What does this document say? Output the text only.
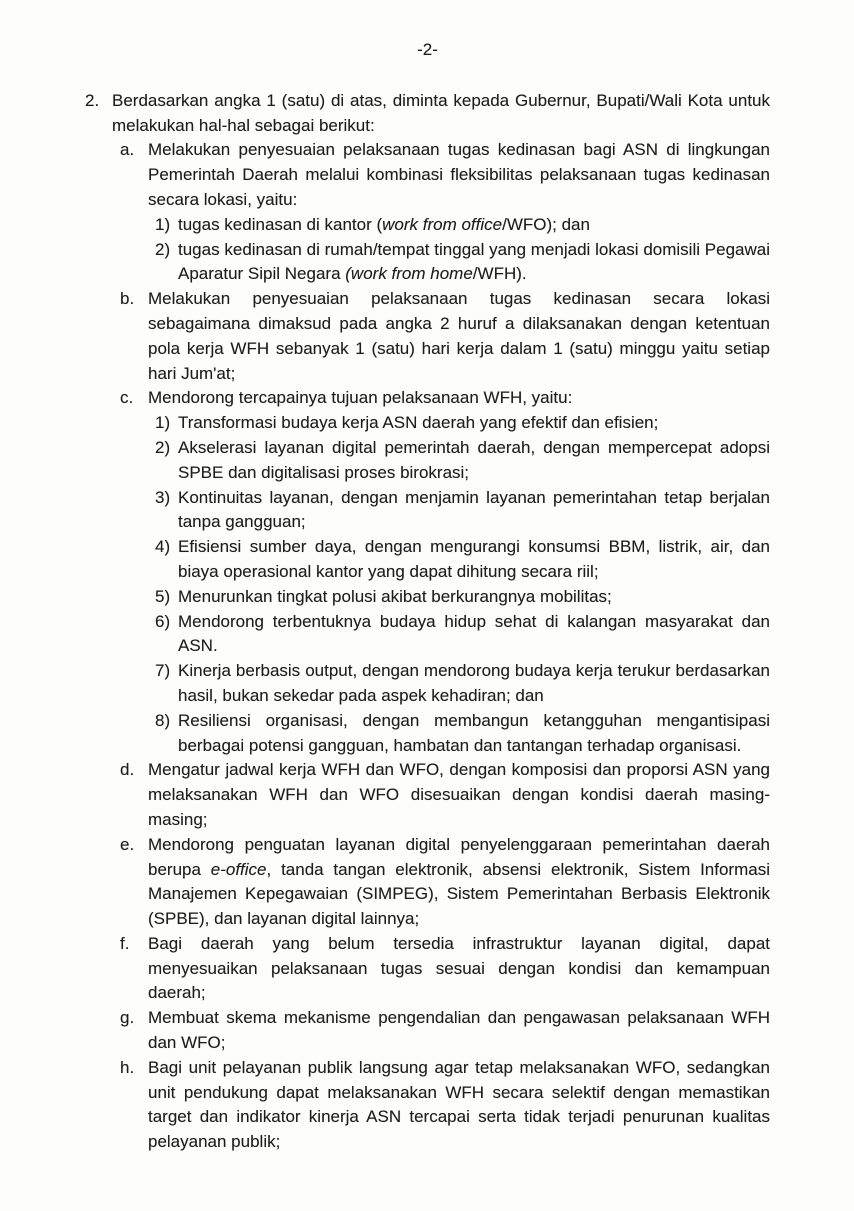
-2-
2. Berdasarkan angka 1 (satu) di atas, diminta kepada Gubernur, Bupati/Wali Kota untuk melakukan hal-hal sebagai berikut:

a. Melakukan penyesuaian pelaksanaan tugas kedinasan bagi ASN di lingkungan Pemerintah Daerah melalui kombinasi fleksibilitas pelaksanaan tugas kedinasan secara lokasi, yaitu:

1) tugas kedinasan di kantor (work from office/WFO); dan

2) tugas kedinasan di rumah/tempat tinggal yang menjadi lokasi domisili Pegawai Aparatur Sipil Negara (work from home/WFH).

b. Melakukan penyesuaian pelaksanaan tugas kedinasan secara lokasi sebagaimana dimaksud pada angka 2 huruf a dilaksanakan dengan ketentuan pola kerja WFH sebanyak 1 (satu) hari kerja dalam 1 (satu) minggu yaitu setiap hari Jum'at;

c. Mendorong tercapainya tujuan pelaksanaan WFH, yaitu:

1) Transformasi budaya kerja ASN daerah yang efektif dan efisien;

2) Akselerasi layanan digital pemerintah daerah, dengan mempercepat adopsi SPBE dan digitalisasi proses birokrasi;

3) Kontinuitas layanan, dengan menjamin layanan pemerintahan tetap berjalan tanpa gangguan;

4) Efisiensi sumber daya, dengan mengurangi konsumsi BBM, listrik, air, dan biaya operasional kantor yang dapat dihitung secara riil;

5) Menurunkan tingkat polusi akibat berkurangnya mobilitas;

6) Mendorong terbentuknya budaya hidup sehat di kalangan masyarakat dan ASN.

7) Kinerja berbasis output, dengan mendorong budaya kerja terukur berdasarkan hasil, bukan sekedar pada aspek kehadiran; dan

8) Resiliensi organisasi, dengan membangun ketangguhan mengantisipasi berbagai potensi gangguan, hambatan dan tantangan terhadap organisasi.

d. Mengatur jadwal kerja WFH dan WFO, dengan komposisi dan proporsi ASN yang melaksanakan WFH dan WFO disesuaikan dengan kondisi daerah masing-masing;

e. Mendorong penguatan layanan digital penyelenggaraan pemerintahan daerah berupa e-office, tanda tangan elektronik, absensi elektronik, Sistem Informasi Manajemen Kepegawaian (SIMPEG), Sistem Pemerintahan Berbasis Elektronik (SPBE), dan layanan digital lainnya;

f.	Bagi daerah yang belum tersedia infrastruktur layanan digital, dapat menyesuaikan pelaksanaan tugas sesuai dengan kondisi dan kemampuan daerah;

g. Membuat skema mekanisme pengendalian dan pengawasan pelaksanaan WFH dan WFO;

h. Bagi unit pelayanan publik langsung agar tetap melaksanakan WFO, sedangkan unit pendukung dapat melaksanakan WFH secara selektif dengan memastikan target dan indikator kinerja ASN tercapai serta tidak terjadi penurunan kualitas pelayanan publik;
